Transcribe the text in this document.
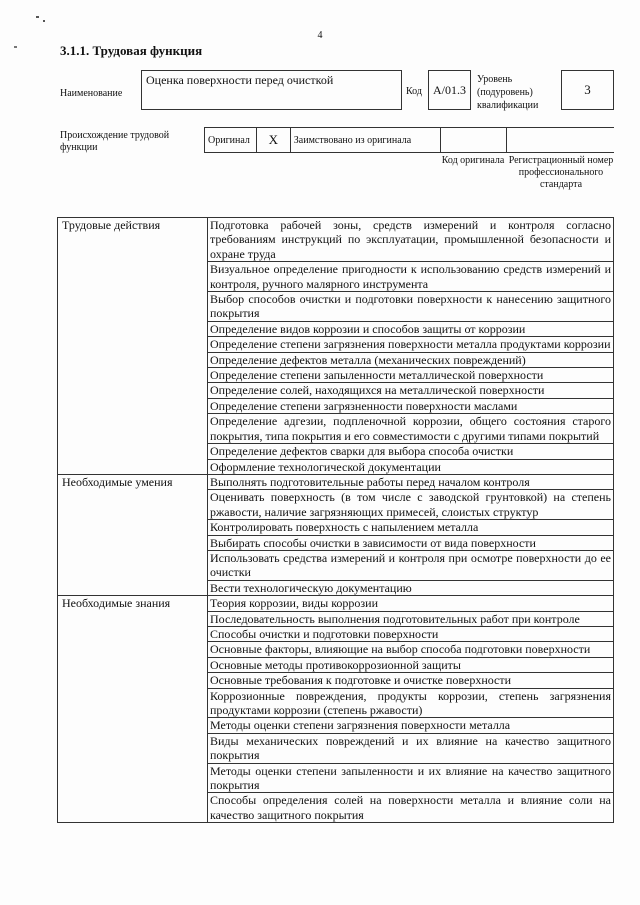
4
3.1.1. Трудовая функция
Наименование
Оценка поверхности перед очисткой
Код A/01.3
Уровень (подуровень) квалификации
3
Происхождение трудовой функции
Оригинал	X	Заимствовано из оригинала
Код оригинала Регистрационный номер профессионального стандарта
Трудовые действия	Подготовка рабочей зоны, средств измерений и контроля согласно требованиям инструкций по эксплуатации, промышленной безопасности и охране труда
	Визуальное определение пригодности к использованию средств измерений и контроля, ручного малярного инструмента
	Выбор способов очистки и подготовки поверхности к нанесению защитного покрытия
	Определение видов коррозии и способов защиты от коррозии
	Определение степени загрязнения поверхности металла продуктами коррозии
	Определение дефектов металла (механических повреждений)
	Определение степени запыленности металлической поверхности
	Определение солей, находящихся на металлической поверхности
	Определение степени загрязненности поверхности маслами
	Определение адгезии, подпленочной коррозии, общего состояния старого покрытия, типа покрытия и его совместимости с другими типами покрытий
	Определение дефектов сварки для выбора способа очистки
	Оформление технологической документации
Необходимые умения	Выполнять подготовительные работы перед началом контроля
	Оценивать поверхность (в том числе с заводской грунтовкой) на степень ржавости, наличие загрязняющих примесей, слоистых структур
	Контролировать поверхность с напылением металла
	Выбирать способы очистки в зависимости от вида поверхности
	Использовать средства измерений и контроля при осмотре поверхности до ее очистки
	Вести технологическую документацию
Необходимые знания	Теория коррозии, виды коррозии
	Последовательность выполнения подготовительных работ при контроле
	Способы очистки и подготовки поверхности
	Основные факторы, влияющие на выбор способа подготовки поверхности
	Основные методы противокоррозионной защиты
	Основные требования к подготовке и очистке поверхности
	Коррозионные повреждения, продукты коррозии, степень загрязнения продуктами коррозии (степень ржавости)
	Методы оценки степени загрязнения поверхности металла
	Виды механических повреждений и их влияние на качество защитного покрытия
	Методы оценки степени запыленности и их влияние на качество защитного покрытия
	Способы определения солей на поверхности металла и влияние соли на качество защитного покрытия
